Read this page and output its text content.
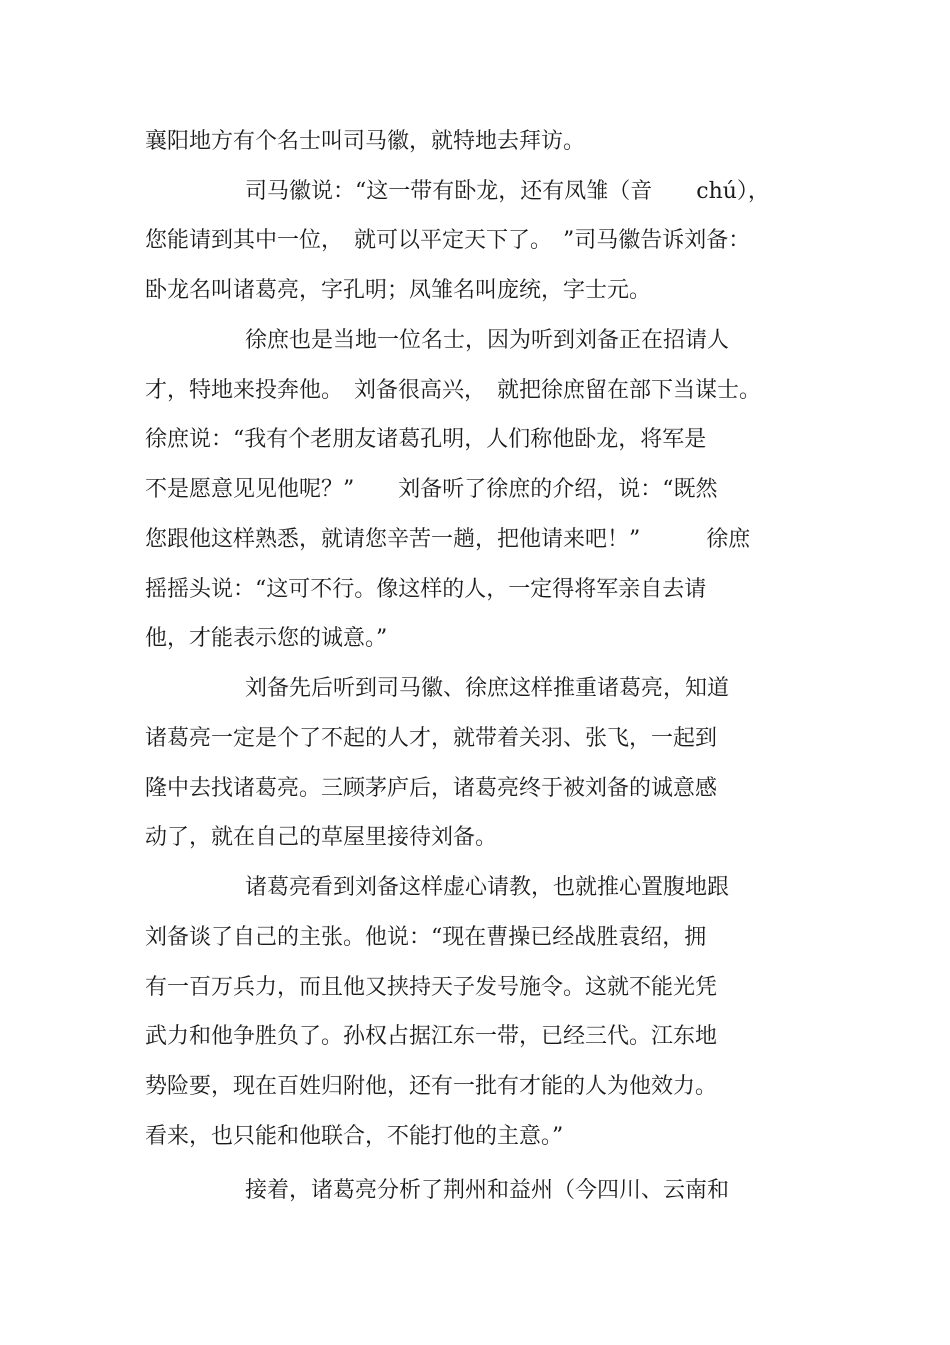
襄阳地方有个名士叫司马徽，就特地去拜访。
司马徽说：“这一带有卧龙，还有凤雏（音　　chú），
您能请到其中一位，　就可以平定天下了。　”司马徽告诉刘备：
卧龙名叫诸葛亮，字孔明；凤雏名叫庞统，字士元。
徐庶也是当地一位名士，因为听到刘备正在招请人
才，特地来投奔他。　刘备很高兴，　就把徐庶留在部下当谋士。
徐庶说：“我有个老朋友诸葛孔明，人们称他卧龙，将军是
不是愿意见见他呢？”　　刘备听了徐庶的介绍，说：“既然
您跟他这样熟悉，就请您辛苦一趟，把他请来吧！”　　　徐庶
摇摇头说：“这可不行。像这样的人，一定得将军亲自去请
他，才能表示您的诚意。”
刘备先后听到司马徽、徐庶这样推重诸葛亮，知道
诸葛亮一定是个了不起的人才，就带着关羽、张飞，一起到
隆中去找诸葛亮。三顾茅庐后，诸葛亮终于被刘备的诚意感
动了，就在自己的草屋里接待刘备。
诸葛亮看到刘备这样虚心请教，也就推心置腹地跟
刘备谈了自己的主张。他说：“现在曹操已经战胜袁绍，拥
有一百万兵力，而且他又挟持天子发号施令。这就不能光凭
武力和他争胜负了。孙权占据江东一带，已经三代。江东地
势险要，现在百姓归附他，还有一批有才能的人为他效力。
看来，也只能和他联合，不能打他的主意。”
接着，诸葛亮分析了荆州和益州（今四川、云南和
